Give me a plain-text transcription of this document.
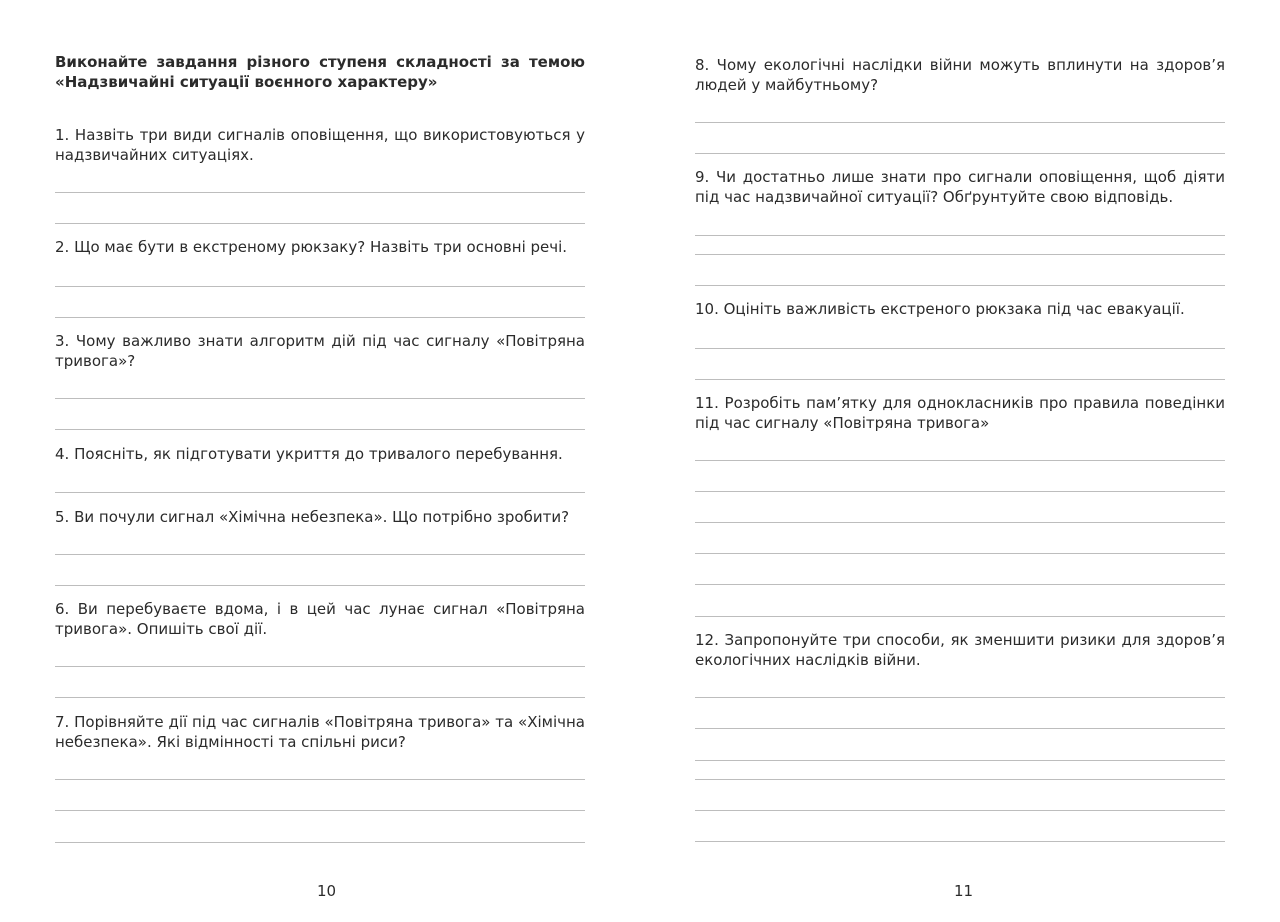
Виконайте завдання різного ступеня складності за темою «Надзвичайні ситуації воєнного характеру»

1. Назвіть три види сигналів оповіщення, що використовуються у надзвичайних ситуаціях.

2. Що має бути в екстреному рюкзаку? Назвіть три основні речі.

3. Чому важливо знати алгоритм дій під час сигналу «Повітряна тривога»?

4. Поясніть, як підготувати укриття до тривалого перебування.

5. Ви почули сигнал «Хімічна небезпека». Що потрібно зробити?

6. Ви перебуваєте вдома, і в цей час лунає сигнал «Повітряна тривога». Опишіть свої дії.

7. Порівняйте дії під час сигналів «Повітряна тривога» та «Хімічна небезпека». Які відмінності та спільні риси?

10

8. Чому екологічні наслідки війни можуть вплинути на здоров’я людей у майбутньому?

9. Чи достатньо лише знати про сигнали оповіщення, щоб діяти під час надзвичайної ситуації? Обґрунтуйте свою відповідь.

10. Оцініть важливість екстреного рюкзака під час евакуації.

11. Розробіть пам’ятку для однокласників про правила поведінки під час сигналу «Повітряна тривога»

12. Запропонуйте три способи, як зменшити ризики для здоров’я екологічних наслідків війни.

11
